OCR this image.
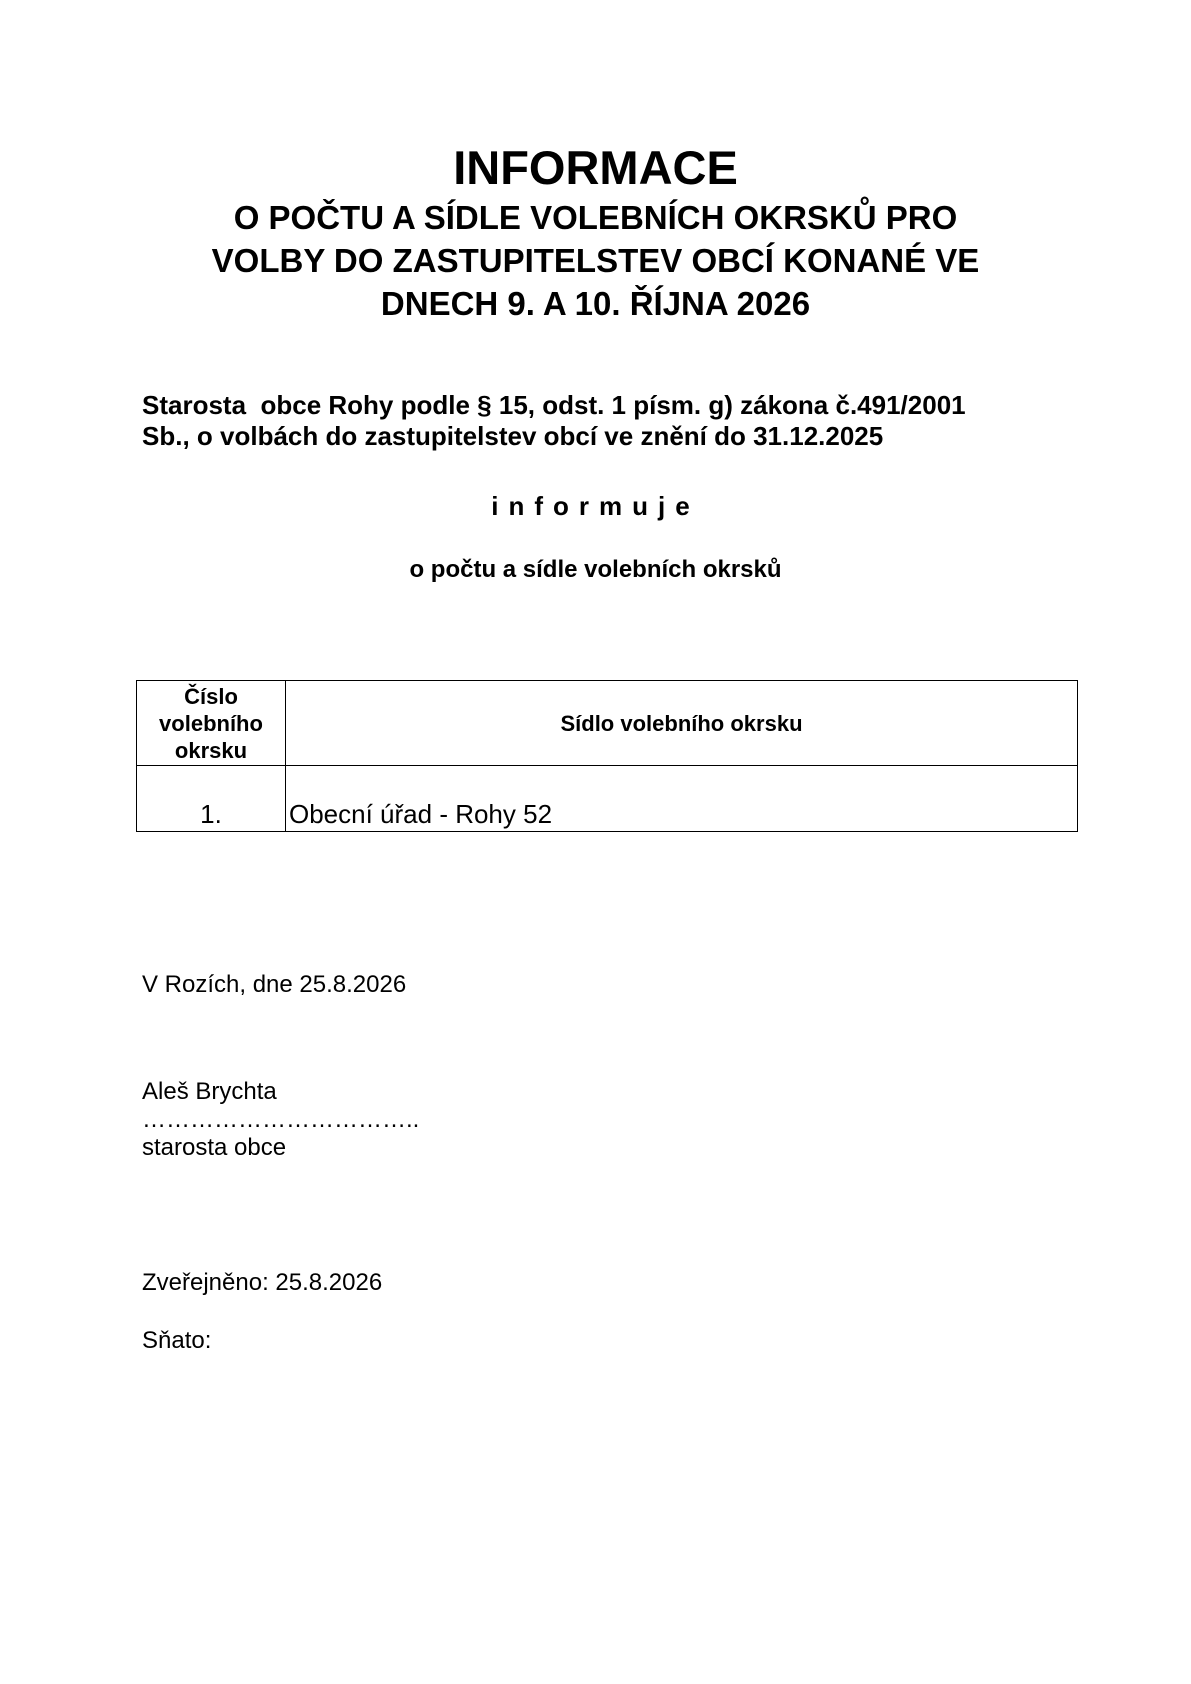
INFORMACE
O POČTU A SÍDLE VOLEBNÍCH OKRSKŮ PRO
VOLBY DO ZASTUPITELSTEV OBCÍ KONANÉ VE
DNECH 9. A 10. ŘÍJNA 2026

Starosta  obce Rohy podle § 15, odst. 1 písm. g) zákona č.491/2001
Sb., o volbách do zastupitelstev obcí ve znění do 31.12.2025

informuje

o počtu a sídle volebních okrsků

Číslo
volebního
okrsku	Sídlo volebního okrsku
1.	Obecní úřad - Rohy 52

V Rozích, dne 25.8.2026

Aleš Brychta
……………………………..
starosta obce

Zveřejněno: 25.8.2026

Sňato:
